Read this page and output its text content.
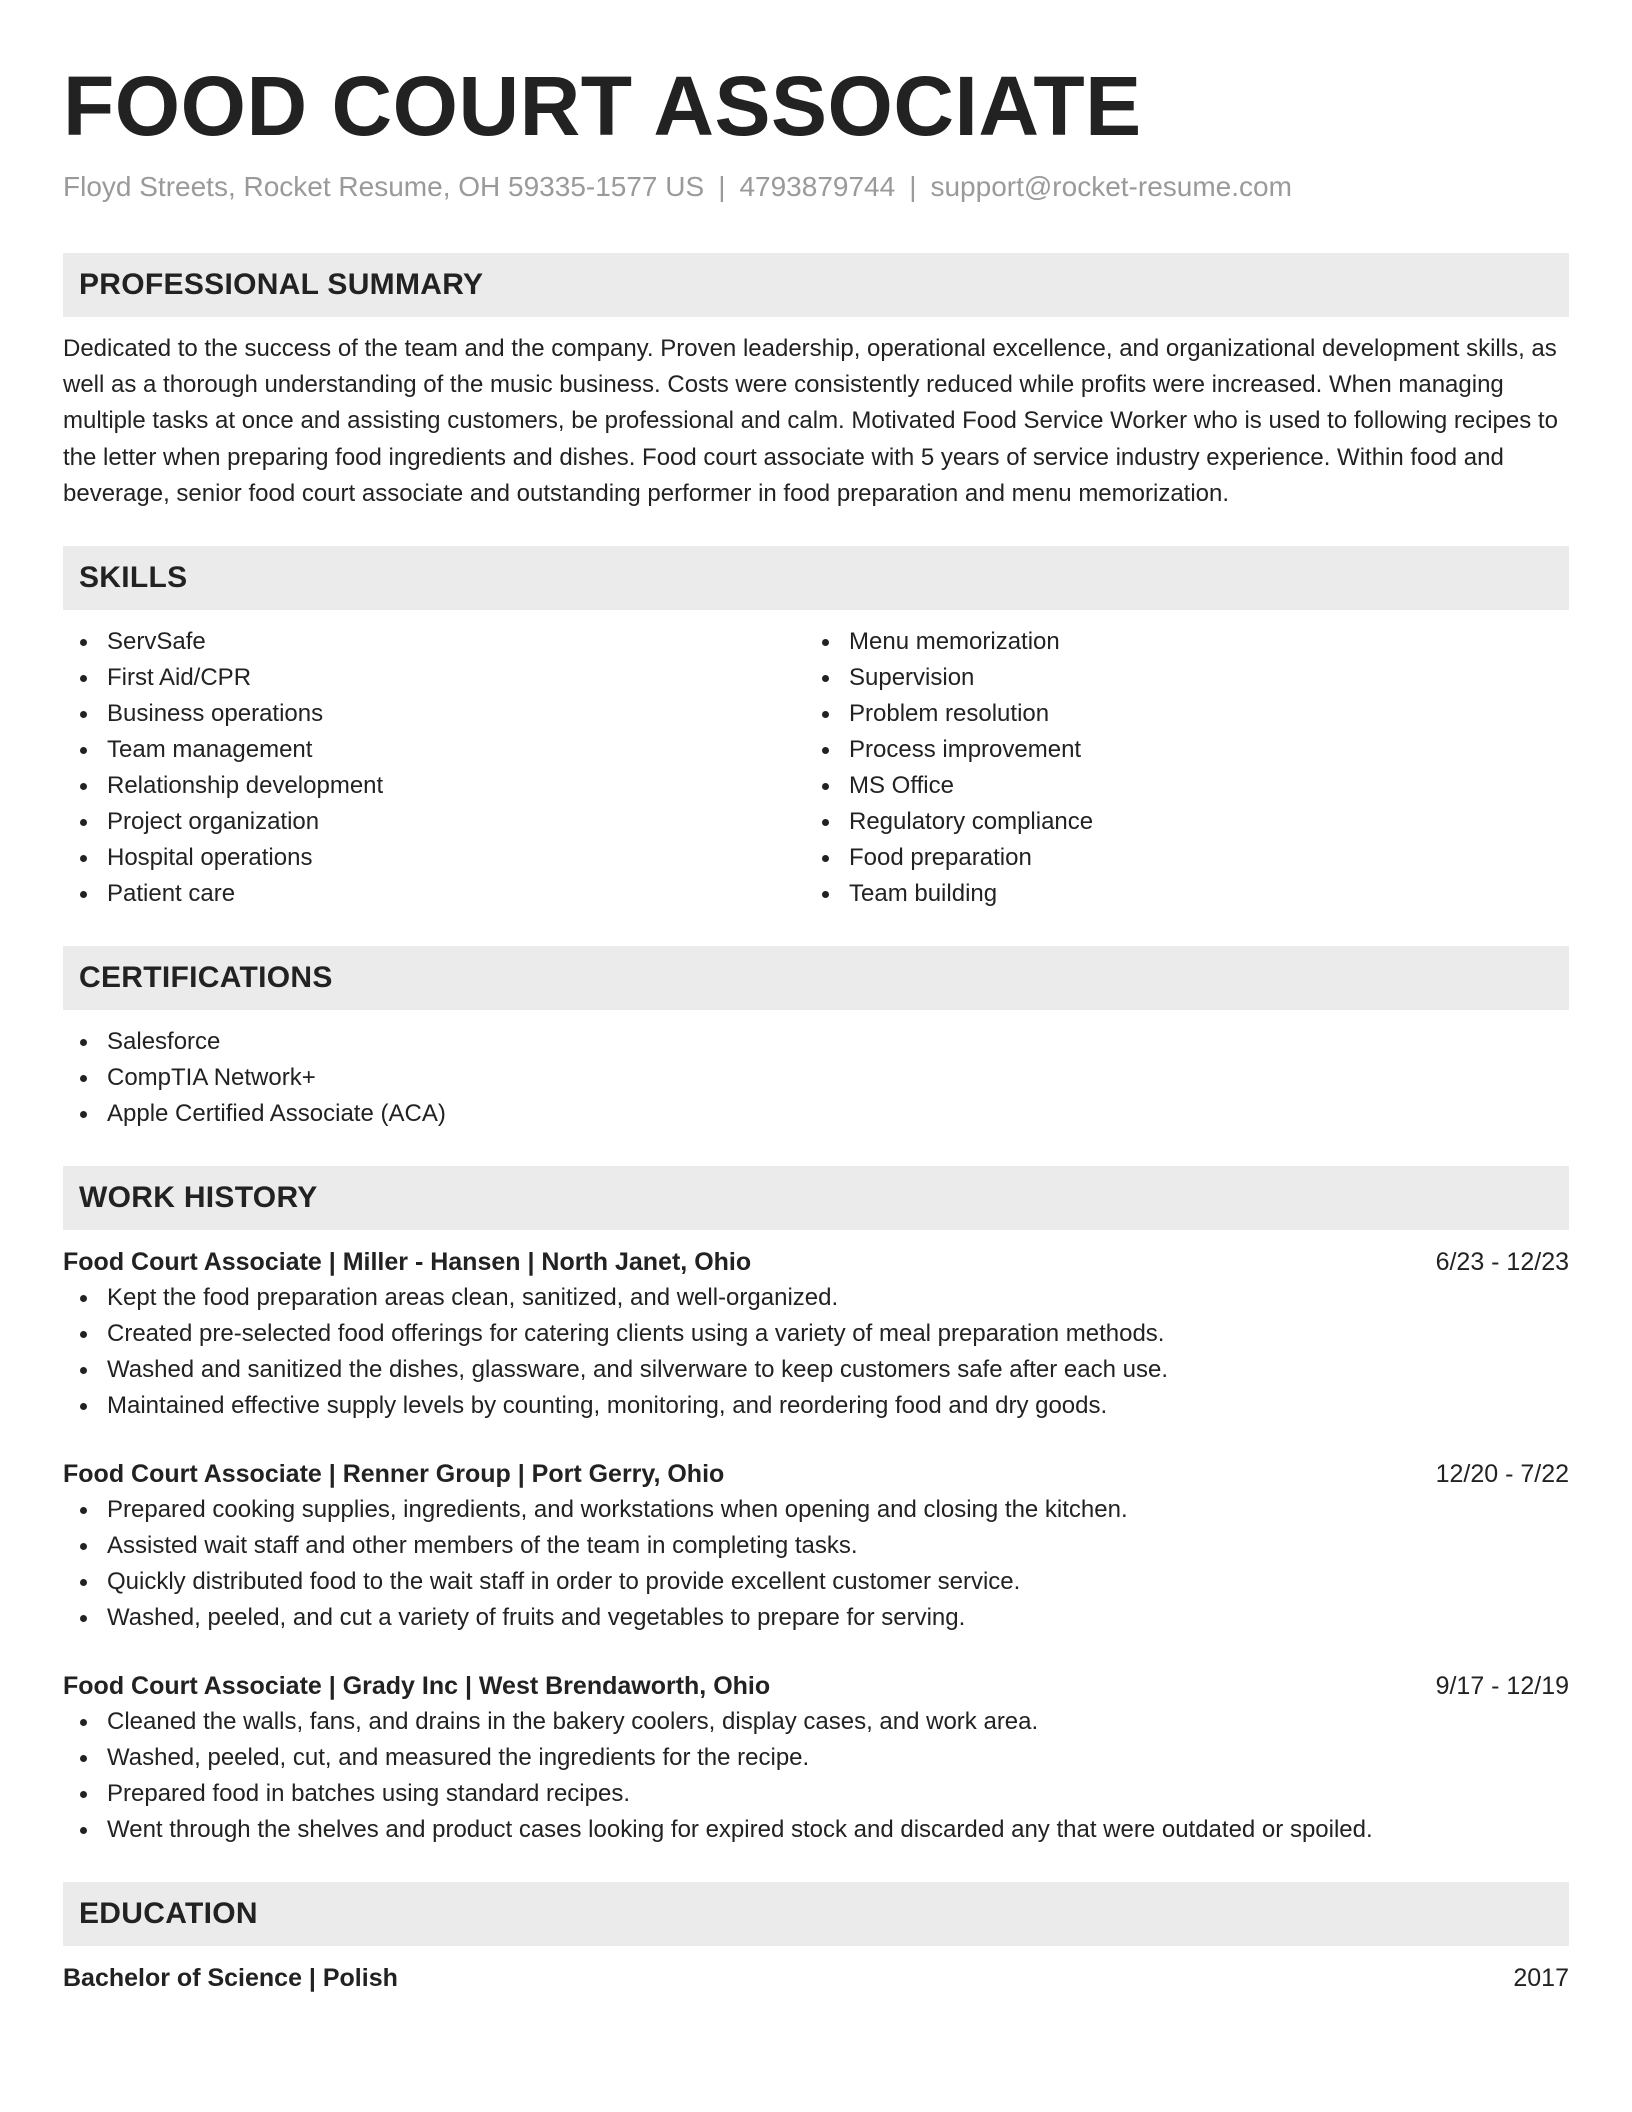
FOOD COURT ASSOCIATE
Floyd Streets, Rocket Resume, OH 59335-1577 US | 4793879744 | support@rocket-resume.com
PROFESSIONAL SUMMARY

Dedicated to the success of the team and the company. Proven leadership, operational excellence, and organizational development skills, as well as a thorough understanding of the music business. Costs were consistently reduced while profits were increased. When managing multiple tasks at once and assisting customers, be professional and calm. Motivated Food Service Worker who is used to following recipes to the letter when preparing food ingredients and dishes. Food court associate with 5 years of service industry experience. Within food and beverage, senior food court associate and outstanding performer in food preparation and menu memorization.

SKILLS
ServSafe
First Aid/CPR
Business operations
Team management
Relationship development
Project organization
Hospital operations
Patient care
Menu memorization
Supervision
Problem resolution
Process improvement
MS Office
Regulatory compliance
Food preparation
Team building
CERTIFICATIONS
Salesforce
CompTIA Network+
Apple Certified Associate (ACA)
WORK HISTORY
Food Court Associate | Miller - Hansen | North Janet, Ohio	6/23 - 12/23
Kept the food preparation areas clean, sanitized, and well-organized.
Created pre-selected food offerings for catering clients using a variety of meal preparation methods.
Washed and sanitized the dishes, glassware, and silverware to keep customers safe after each use.
Maintained effective supply levels by counting, monitoring, and reordering food and dry goods.
Food Court Associate | Renner Group | Port Gerry, Ohio	12/20 - 7/22
Prepared cooking supplies, ingredients, and workstations when opening and closing the kitchen.
Assisted wait staff and other members of the team in completing tasks.
Quickly distributed food to the wait staff in order to provide excellent customer service.
Washed, peeled, and cut a variety of fruits and vegetables to prepare for serving.
Food Court Associate | Grady Inc | West Brendaworth, Ohio	9/17 - 12/19
Cleaned the walls, fans, and drains in the bakery coolers, display cases, and work area.
Washed, peeled, cut, and measured the ingredients for the recipe.
Prepared food in batches using standard recipes.
Went through the shelves and product cases looking for expired stock and discarded any that were outdated or spoiled.
EDUCATION
Bachelor of Science | Polish	2017
